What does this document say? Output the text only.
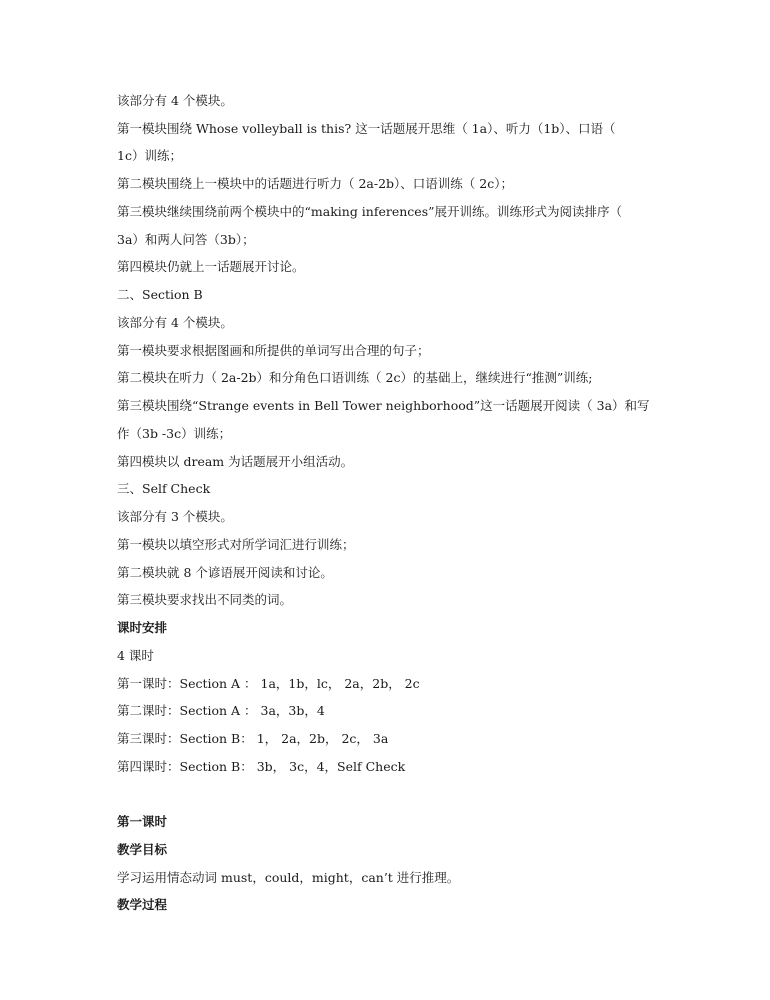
该部分有 4 个模块。
第一模块围绕 Whose volleyball is this? 这一话题展开思维（ 1a）、听力（1b）、口语（
1c）训练；
第二模块围绕上一模块中的话题进行听力（ 2a-2b）、口语训练（ 2c）；
第三模块继续围绕前两个模块中的“making inferences”展开训练。训练形式为阅读排序（
3a）和两人问答（3b）；
第四模块仍就上一话题展开讨论。
二、Section B
该部分有 4 个模块。
第一模块要求根据图画和所提供的单词写出合理的句子；
第二模块在听力（ 2a-2b）和分角色口语训练（ 2c）的基础上，继续进行“推测”训练;
第三模块围绕“Strange events in Bell Tower neighborhood”这一话题展开阅读（ 3a）和写
作（3b -3c）训练；
第四模块以 dream 为话题展开小组活动。
三、Self Check
该部分有 3 个模块。
第一模块以填空形式对所学词汇进行训练；
第二模块就 8 个谚语展开阅读和讨论。
第三模块要求找出不同类的词。
课时安排
4 课时
第一课时：Section A ： 1a，1b，lc， 2a，2b， 2c
第二课时：Section A ： 3a，3b，4
第三课时：Section B： 1， 2a，2b， 2c， 3a
第四课时：Section B： 3b， 3c，4，Self Check
第一课时
教学目标
学习运用情态动词 must，could，might，can’t 进行推理。
教学过程
